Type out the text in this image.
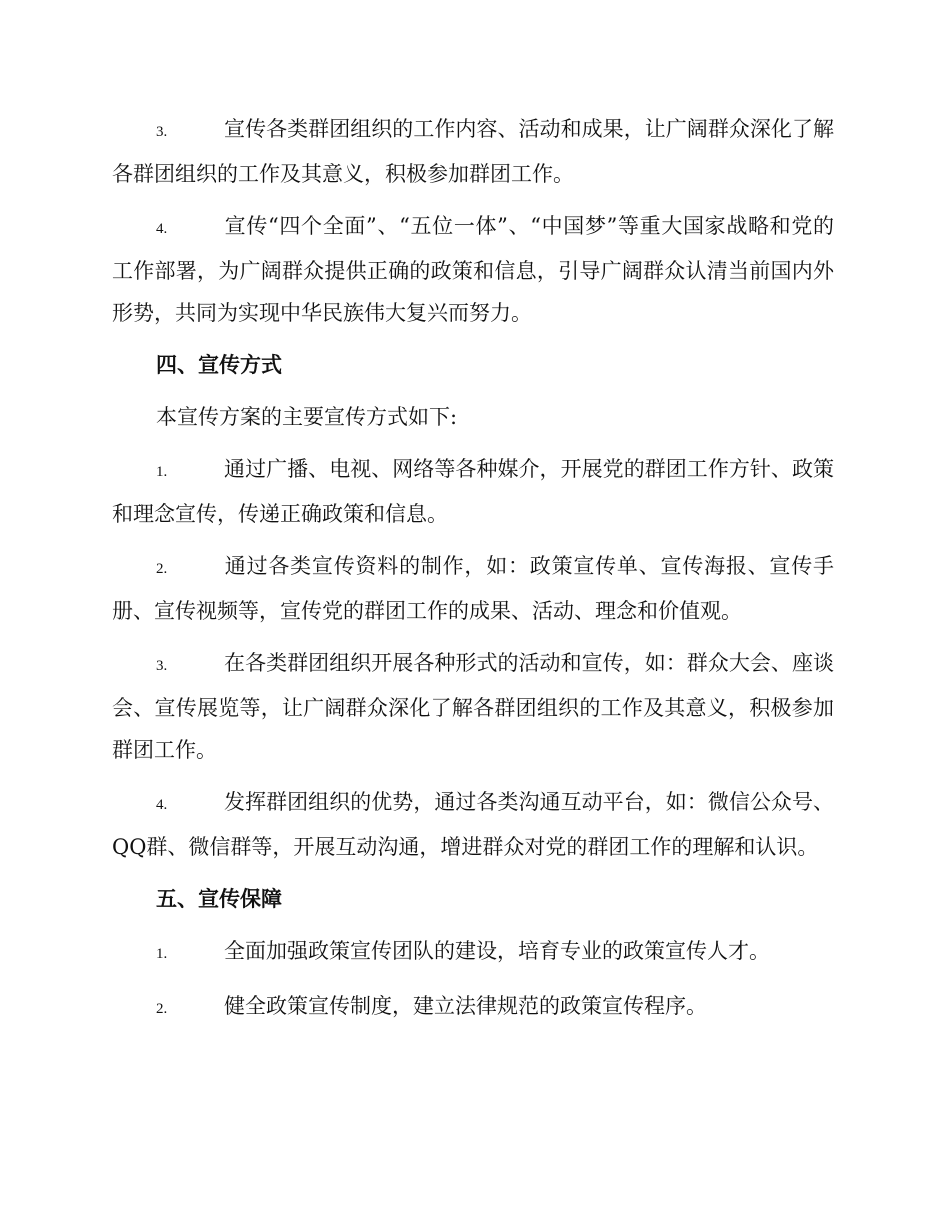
3.	宣传各类群团组织的工作内容、活动和成果，让广阔群众深化了解各群团组织的工作及其意义，积极参加群团工作。

4.	宣传“四个全面”、“五位一体”、“中国梦”等重大国家战略和党的工作部署，为广阔群众提供正确的政策和信息，引导广阔群众认清当前国内外形势，共同为实现中华民族伟大复兴而努力。

四、宣传方式

本宣传方案的主要宣传方式如下:

1.	通过广播、电视、网络等各种媒介，开展党的群团工作方针、政策和理念宣传，传递正确政策和信息。

2.	通过各类宣传资料的制作，如：政策宣传单、宣传海报、宣传手册、宣传视频等，宣传党的群团工作的成果、活动、理念和价值观。

3.	在各类群团组织开展各种形式的活动和宣传，如：群众大会、座谈会、宣传展览等，让广阔群众深化了解各群团组织的工作及其意义，积极参加群团工作。

4.	发挥群团组织的优势，通过各类沟通互动平台，如：微信公众号、QQ群、微信群等，开展互动沟通，增进群众对党的群团工作的理解和认识。

五、宣传保障

1.	全面加强政策宣传团队的建设，培育专业的政策宣传人才。

2.	健全政策宣传制度，建立法律规范的政策宣传程序。
